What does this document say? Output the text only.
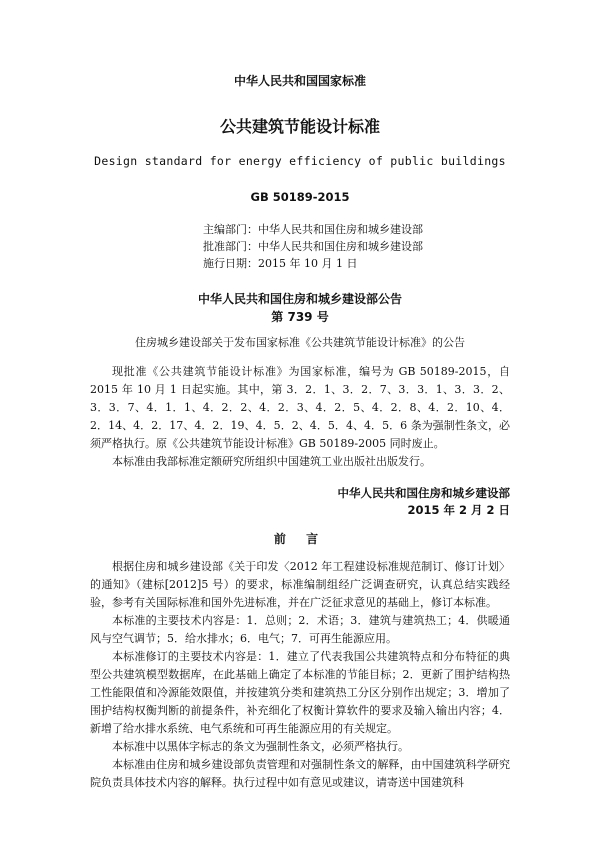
中华人民共和国国家标准
公共建筑节能设计标准
Design standard for energy efficiency of public buildings
GB 50189-2015
主编部门：中华人民共和国住房和城乡建设部
批准部门：中华人民共和国住房和城乡建设部
施行日期：2015 年 10 月 1 日
中华人民共和国住房和城乡建设部公告
第 739 号
住房城乡建设部关于发布国家标准《公共建筑节能设计标准》的公告
现批准《公共建筑节能设计标准》为国家标准，编号为 GB 50189-2015，自 2015 年 10 月 1 日起实施。其中，第 3．2．1、3．2．7、3．3．1、3．3．2、3．3．7、4．1．1、4．2．2、4．2．3、4．2．5、4．2．8、4．2．10、4．2．14、4．2．17、4．2．19、4．5．2、4．5．4、4．5．6 条为强制性条文，必须严格执行。原《公共建筑节能设计标准》GB 50189-2005 同时废止。
本标准由我部标准定额研究所组织中国建筑工业出版社出版发行。
中华人民共和国住房和城乡建设部
2015 年 2 月 2 日
前 言
根据住房和城乡建设部《关于印发〈2012 年工程建设标准规范制订、修订计划〉的通知》（建标[2012]5 号）的要求，标准编制组经广泛调查研究，认真总结实践经验，参考有关国际标准和国外先进标准，并在广泛征求意见的基础上，修订本标准。
本标准的主要技术内容是：1．总则；2．术语；3．建筑与建筑热工；4．供暖通风与空气调节；5．给水排水；6．电气；7．可再生能源应用。
本标准修订的主要技术内容是：1．建立了代表我国公共建筑特点和分布特征的典型公共建筑模型数据库，在此基础上确定了本标准的节能目标；2．更新了围护结构热工性能限值和冷源能效限值，并按建筑分类和建筑热工分区分别作出规定；3．增加了围护结构权衡判断的前提条件，补充细化了权衡计算软件的要求及输入输出内容；4．新增了给水排水系统、电气系统和可再生能源应用的有关规定。
本标准中以黑体字标志的条文为强制性条文，必须严格执行。
本标准由住房和城乡建设部负责管理和对强制性条文的解释，由中国建筑科学研究院负责具体技术内容的解释。执行过程中如有意见或建议，请寄送中国建筑科
